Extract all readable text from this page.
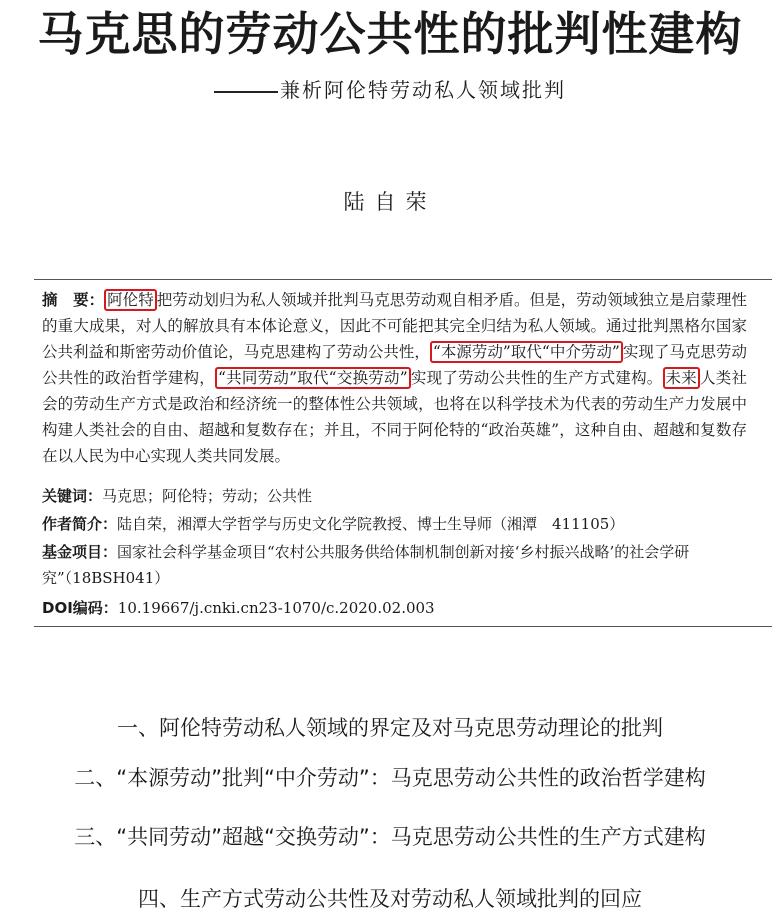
马克思的劳动公共性的批判性建构
兼析阿伦特劳动私人领域批判
陆自荣
摘　要： 阿伦特 把劳动划归为私人领域并批判马克思劳动观自相矛盾。但是，劳动领域独立是启蒙理性的重大成果，对人的解放具有本体论意义，因此不可能把其完全归结为私人领域。通过批判黑格尔国家公共利益和斯密劳动价值论，马克思建构了劳动公共性， “本源劳动”取代“中介劳动” 实现了马克思劳动公共性的政治哲学建构， “共同劳动”取代“交换劳动” 实现了劳动公共性的生产方式建构。 未来 人类社会的劳动生产方式是政治和经济统一的整体性公共领域，也将在以科学技术为代表的劳动生产力发展中构建人类社会的自由、超越和复数存在；并且，不同于阿伦特的“政治英雄”，这种自由、超越和复数存在以人民为中心实现人类共同发展。
关键词：马克思；阿伦特；劳动；公共性
作者简介：陆自荣，湘潭大学哲学与历史文化学院教授、博士生导师（湘潭　411105）
基金项目：国家社会科学基金项目“农村公共服务供给体制机制创新对接‘乡村振兴战略’的社会学研究”（18BSH041）
DOI编码：10.19667/j.cnki.cn23-1070/c.2020.02.003
一、阿伦特劳动私人领域的界定及对马克思劳动理论的批判
二、“本源劳动”批判“中介劳动”：马克思劳动公共性的政治哲学建构
三、“共同劳动”超越“交换劳动”：马克思劳动公共性的生产方式建构
四、生产方式劳动公共性及对劳动私人领域批判的回应
